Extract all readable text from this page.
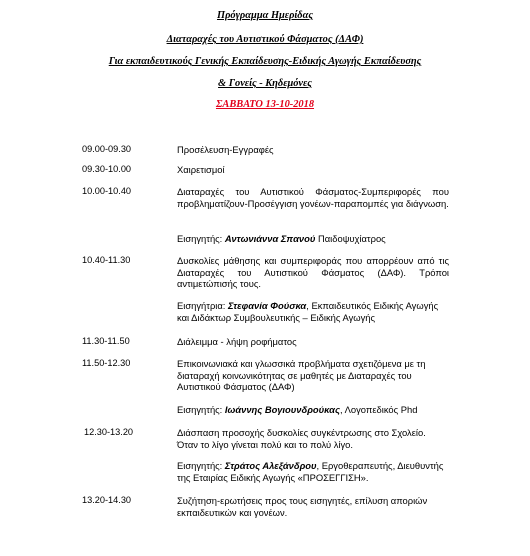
Πρόγραμμα Ημερίδας
Διαταραχές του Αυτιστικού Φάσματος (ΔΑΦ)
Για εκπαιδευτικούς Γενικής Εκπαίδευσης-Ειδικής Αγωγής Εκπαίδευσης
& Γονείς - Κηδεμόνες
ΣΑΒΒΑΤΟ 13-10-2018
09.00-09.30	Προσέλευση-Εγγραφές
09.30-10.00	Χαιρετισμοί
10.00-10.40	Διαταραχές του Αυτιστικού Φάσματος-Συμπεριφορές που προβληματίζουν-Προσέγγιση γονέων-παραπομπές για διάγνωση.
Εισηγητής: Αντωνιάννα Σπανού Παιδοψυχίατρος
10.40-11.30	Δυσκολίες μάθησης και συμπεριφοράς που απορρέουν από τις Διαταραχές του Αυτιστικού Φάσματος (ΔΑΦ). Τρόποι αντιμετώπισής τους.
Εισηγήτρια: Στεφανία Φούσκα, Εκπαιδευτικός Ειδικής Αγωγής και Διδάκτωρ Συμβουλευτικής – Ειδικής Αγωγής
11.30-11.50	Διάλειμμα - λήψη ροφήματος
11.50-12.30	Επικοινωνιακά και γλωσσικά προβλήματα σχετιζόμενα με τη διαταραχή κοινωνικότητας σε μαθητές με Διαταραχές του Αυτιστικού Φάσματος (ΔΑΦ)
Εισηγητής: Ιωάννης Βογιουνδρούκας, Λογοπεδικός Phd
12.30-13.20	Διάσπαση προσοχής δυσκολίες συγκέντρωσης στο Σχολείο. Όταν το λίγο γίνεται πολύ και το πολύ λίγο.
Εισηγητής: Στράτος Αλεξάνδρου, Εργοθεραπευτής, Διευθυντής της Εταιρίας Ειδικής Αγωγής «ΠΡΟΣΕΓΓΙΣΗ».
13.20-14.30	Συζήτηση-ερωτήσεις προς τους εισηγητές, επίλυση αποριών εκπαιδευτικών και γονέων.
